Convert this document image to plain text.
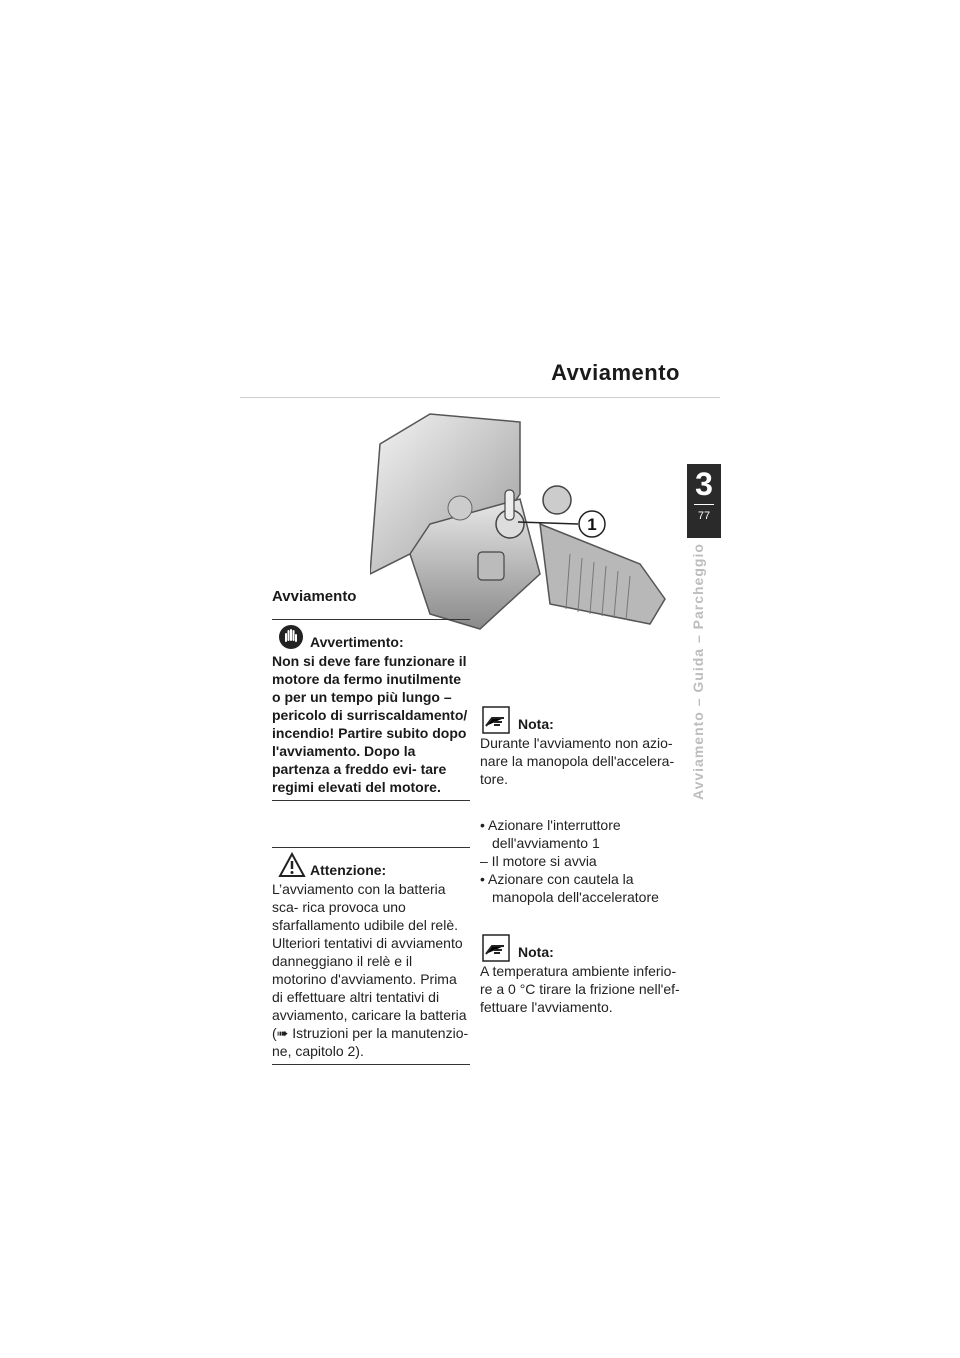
Avviamento
3
77
Avviamento – Guida – Parcheggio
1
Avviamento
Avvertimento:
Non si deve fare funzionare il motore da fermo inutilmente o per un tempo più lungo – pericolo di surriscaldamento/ incendio! Partire subito dopo l'avviamento. Dopo la partenza a freddo evi- tare regimi elevati del motore.
Attenzione:
L’avviamento con la batteria sca- rica provoca uno sfarfallamento udibile del relè. Ulteriori tentativi di avviamento danneggiano il relè e il motorino d'avviamento. Prima di effettuare altri tentativi di avviamento, caricare la batteria (➠ Istruzioni per la manutenzio- ne, capitolo 2).
Nota:
Durante l'avviamento non azio- nare la manopola dell'accelera- tore.
• Azionare l'interruttore dell'avviamento 1
– Il motore si avvia
• Azionare con cautela la manopola dell'acceleratore
Nota:
A temperatura ambiente inferio- re a 0 °C tirare la frizione nell'ef- fettuare l'avviamento.
